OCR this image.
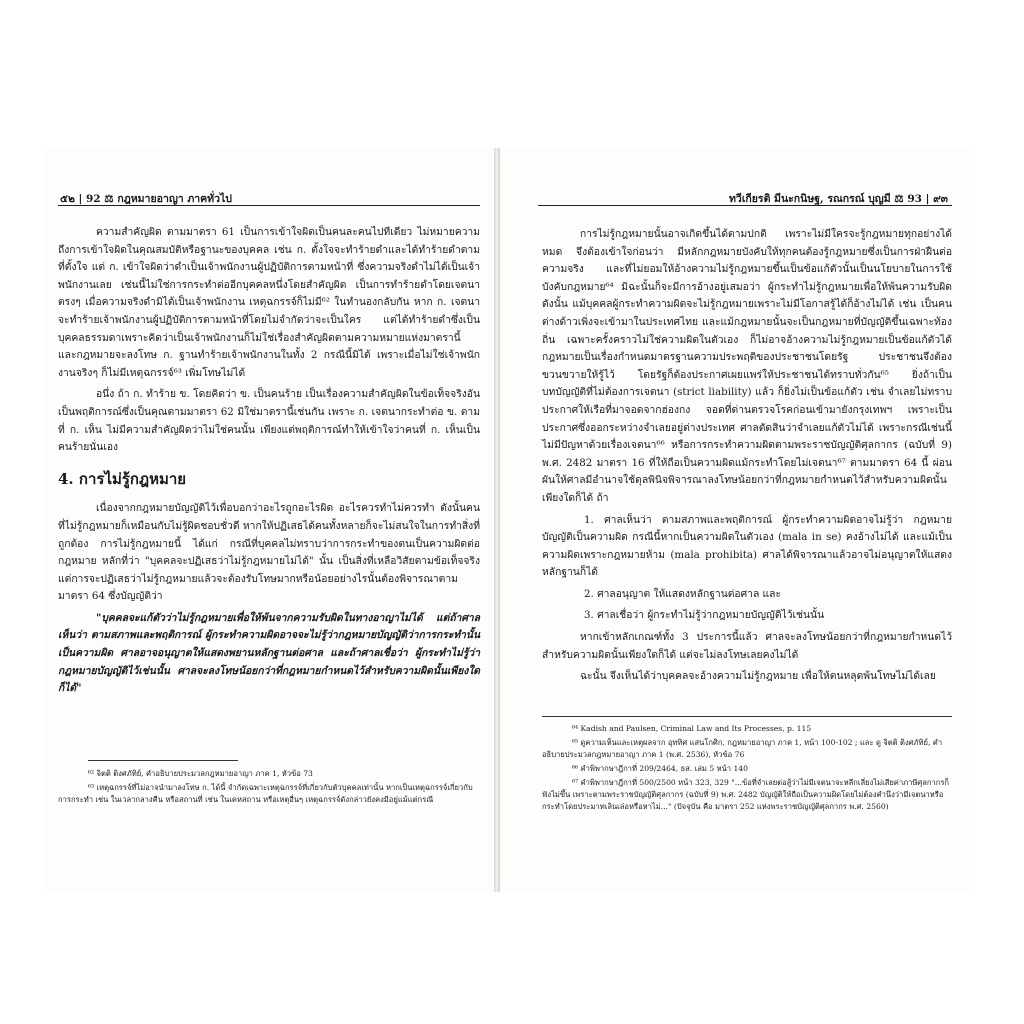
๕๒ | 92 ⚖ กฎหมายอาญา ภาคทั่วไป

ความสำคัญผิด ตามมาตรา 61 เป็นการเข้าใจผิดเป็นคนละคนไปทีเดียว ไม่หมายความถึงการเข้าใจผิดในคุณสมบัติหรือฐานะของบุคคล เช่น ก. ตั้งใจจะทำร้ายดำและได้ทำร้ายดำตามที่ตั้งใจ แต่ ก. เข้าใจผิดว่าดำเป็นเจ้าพนักงานผู้ปฏิบัติการตามหน้าที่ ซึ่งความจริงดำไม่ได้เป็นเจ้าพนักงานเลย เช่นนี้ไม่ใช่การกระทำต่ออีกบุคคลหนึ่งโดยสำคัญผิด เป็นการทำร้ายดำโดยเจตนาตรงๆ เมื่อความจริงดำมิได้เป็นเจ้าพนักงาน เหตุฉกรรจ์ก็ไม่มี⁶² ในทำนองกลับกัน หาก ก. เจตนาจะทำร้ายเจ้าพนักงานผู้ปฏิบัติการตามหน้าที่โดยไม่จำกัดว่าจะเป็นใคร แต่ได้ทำร้ายดำซึ่งเป็นบุคคลธรรมดาเพราะคิดว่าเป็นเจ้าพนักงานก็ไม่ใช่เรื่องสำคัญผิดตามความหมายแห่งมาตรานี้ และกฎหมายจะลงโทษ ก. ฐานทำร้ายเจ้าพนักงานในทั้ง 2 กรณีนี้มิได้ เพราะเมื่อไม่ใช่เจ้าพนักงานจริงๆ ก็ไม่มีเหตุฉกรรจ์⁶³ เพิ่มโทษไม่ได้

อนึ่ง ถ้า ก. ทำร้าย ข. โดยคิดว่า ข. เป็นคนร้าย เป็นเรื่องความสำคัญผิดในข้อเท็จจริงอันเป็นพฤติการณ์ซึ่งเป็นคุณตามมาตรา 62 มิใช่มาตรานี้เช่นกัน เพราะ ก. เจตนากระทำต่อ ข. ตามที่ ก. เห็น ไม่มีความสำคัญผิดว่าไม่ใช่คนนั้น เพียงแต่พฤติการณ์ทำให้เข้าใจว่าคนที่ ก. เห็นเป็นคนร้ายนั่นเอง

4. การไม่รู้กฎหมาย

เนื่องจากกฎหมายบัญญัติไว้เพื่อบอกว่าอะไรถูกอะไรผิด อะไรควรทำไม่ควรทำ ดังนั้นคนที่ไม่รู้กฎหมายก็เหมือนกับไม่รู้ผิดชอบชั่วดี หากให้ปฏิเสธได้คนทั้งหลายก็จะไม่สนใจในการทำสิ่งที่ถูกต้อง การไม่รู้กฎหมายนี้ ได้แก่ กรณีที่บุคคลไม่ทราบว่าการกระทำของตนเป็นความผิดต่อกฎหมาย หลักที่ว่า "บุคคลจะปฏิเสธว่าไม่รู้กฎหมายไม่ได้" นั้น เป็นสิ่งที่เหลือวิสัยตามข้อเท็จจริงแต่การจะปฏิเสธว่าไม่รู้กฎหมายแล้วจะต้องรับโทษมากหรือน้อยอย่างไรนั้นต้องพิจารณาตามมาตรา 64 ซึ่งบัญญัติว่า

"บุคคลจะแก้ตัวว่าไม่รู้กฎหมายเพื่อให้พ้นจากความรับผิดในทางอาญาไม่ได้ แต่ถ้าศาลเห็นว่า ตามสภาพและพฤติการณ์ ผู้กระทำความผิดอาจจะไม่รู้ว่ากฎหมายบัญญัติว่าการกระทำนั้นเป็นความผิด ศาลอาจอนุญาตให้แสดงพยานหลักฐานต่อศาล และถ้าศาลเชื่อว่า ผู้กระทำไม่รู้ว่ากฎหมายบัญญัติไว้เช่นนั้น ศาลจะลงโทษน้อยกว่าที่กฎหมายกำหนดไว้สำหรับความผิดนั้นเพียงใดก็ได้"

⁶² จิตติ ติงศภัทิย์, คำอธิบายประมวลกฎหมายอาญา ภาค 1, หัวข้อ 73
⁶³ เหตุฉกรรจ์ที่ไม่อาจนำมาลงโทษ ก. ได้นี้ จำกัดเฉพาะเหตุฉกรรจ์ที่เกี่ยวกับตัวบุคคลเท่านั้น หากเป็นเหตุฉกรรจ์เกี่ยวกับการกระทำ เช่น ในเวลากลางคืน หรือสถานที่ เช่น ในเคหสถาน หรือเหตุอื่นๆ เหตุฉกรรจ์ดังกล่าวยังคงมีอยู่แม้แต่กรณี
ทวีเกียรติ มีนะกนิษฐ, รณกรณ์ บุญมี ⚖ 93 | ๙๓

การไม่รู้กฎหมายนั้นอาจเกิดขึ้นได้ตามปกติ เพราะไม่มีใครจะรู้กฎหมายทุกอย่างได้หมด จึงต้องเข้าใจก่อนว่า มีหลักกฎหมายบังคับให้ทุกคนต้องรู้กฎหมายซึ่งเป็นการฝ่าฝืนต่อความจริง และที่ไม่ยอมให้อ้างความไม่รู้กฎหมายขึ้นเป็นข้อแก้ตัวนั้นเป็นนโยบายในการใช้บังคับกฎหมาย⁶⁴ มิฉะนั้นก็จะมีการอ้างอยู่เสมอว่า ผู้กระทำไม่รู้กฎหมายเพื่อให้พ้นความรับผิด ดังนั้น แม้บุคคลผู้กระทำความผิดจะไม่รู้กฎหมายเพราะไม่มีโอกาสรู้ได้ก็อ้างไม่ได้ เช่น เป็นคนต่างด้าวเพิ่งจะเข้ามาในประเทศไทย และแม้กฎหมายนั้นจะเป็นกฎหมายที่บัญญัติขึ้นเฉพาะท้องถิ่น เฉพาะครั้งคราวไม่ใช่ความผิดในตัวเอง ก็ไม่อาจอ้างความไม่รู้กฎหมายเป็นข้อแก้ตัวได้ กฎหมายเป็นเรื่องกำหนดมาตรฐานความประพฤติของประชาชนโดยรัฐ ประชาชนจึงต้องขวนขวายให้รู้ไว้ โดยรัฐก็ต้องประกาศเผยแพร่ให้ประชาชนได้ทราบทั่วกัน⁶⁵ ยิ่งถ้าเป็นบทบัญญัติที่ไม่ต้องการเจตนา (strict liability) แล้ว ก็ยิ่งไม่เป็นข้อแก้ตัว เช่น จำเลยไม่ทราบประกาศให้เรือที่มาจอดจากฮ่องกง จอดที่ด่านตรวจโรคก่อนเข้ามายังกรุงเทพฯ เพราะเป็นประกาศซึ่งออกระหว่างจำเลยอยู่ต่างประเทศ ศาลตัดสินว่าจำเลยแก้ตัวไม่ได้ เพราะกรณีเช่นนี้ไม่มีปัญหาด้วยเรื่องเจตนา⁶⁶ หรือการกระทำความผิดตามพระราชบัญญัติศุลกากร (ฉบับที่ 9) พ.ศ. 2482 มาตรา 16 ที่ให้ถือเป็นความผิดแม้กระทำโดยไม่เจตนา⁶⁷ ตามมาตรา 64 นี้ ผ่อนผันให้ศาลมีอำนาจใช้ดุลพินิจพิจารณาลงโทษน้อยกว่าที่กฎหมายกำหนดไว้สำหรับความผิดนั้นเพียงใดก็ได้ ถ้า

1. ศาลเห็นว่า ตามสภาพและพฤติการณ์ ผู้กระทำความผิดอาจไม่รู้ว่า กฎหมายบัญญัติเป็นความผิด กรณีนี้หากเป็นความผิดในตัวเอง (mala in se) คงอ้างไม่ได้ และแม้เป็นความผิดเพราะกฎหมายห้าม (mala prohibita) ศาลได้พิจารณาแล้วอาจไม่อนุญาตให้แสดงหลักฐานก็ได้

2. ศาลอนุญาต ให้แสดงหลักฐานต่อศาล และ

3. ศาลเชื่อว่า ผู้กระทำไม่รู้ว่ากฎหมายบัญญัติไว้เช่นนั้น

หากเข้าหลักเกณฑ์ทั้ง 3 ประการนี้แล้ว ศาลจะลงโทษน้อยกว่าที่กฎหมายกำหนดไว้สำหรับความผิดนั้นเพียงใดก็ได้ แต่จะไม่ลงโทษเลยคงไม่ได้

ฉะนั้น จึงเห็นได้ว่าบุคคลจะอ้างความไม่รู้กฎหมาย เพื่อให้ตนหลุดพ้นโทษไม่ได้เลย

⁶⁴ Kadish and Paulsen, Criminal Law and Its Processes, p. 115
⁶⁵ ดูความเห็นและเหตุผลจาก อุททิศ แสนโกศิก, กฎหมายอาญา ภาค 1, หน้า 100-102 ; และ ดู จิตติ ติงศภัทิย์, คำอธิบายประมวลกฎหมายอาญา ภาค 1 (พ.ศ. 2536), หัวข้อ 76
⁶⁶ คำพิพากษาฎีกาที่ 209/2464, ธส. เล่ม 5 หน้า 140
⁶⁷ คำพิพากษาฎีกาที่ 500/2500 หน้า 323, 329 "...ข้อที่จำเลยต่อสู้ว่าไม่มีเจตนาจะหลีกเลี่ยงไม่เสียค่าภาษีศุลกากรก็ฟังไม่ขึ้น เพราะตามพระราชบัญญัติศุลกากร (ฉบับที่ 9) พ.ศ. 2482 บัญญัติให้ถือเป็นความผิดโดยไม่ต้องคำนึงว่ามีเจตนาหรือกระทำโดยประมาทเลินเล่อหรือหาไม่..." (ปัจจุบัน คือ มาตรา 252 แห่งพระราชบัญญัติศุลกากร พ.ศ. 2560)
